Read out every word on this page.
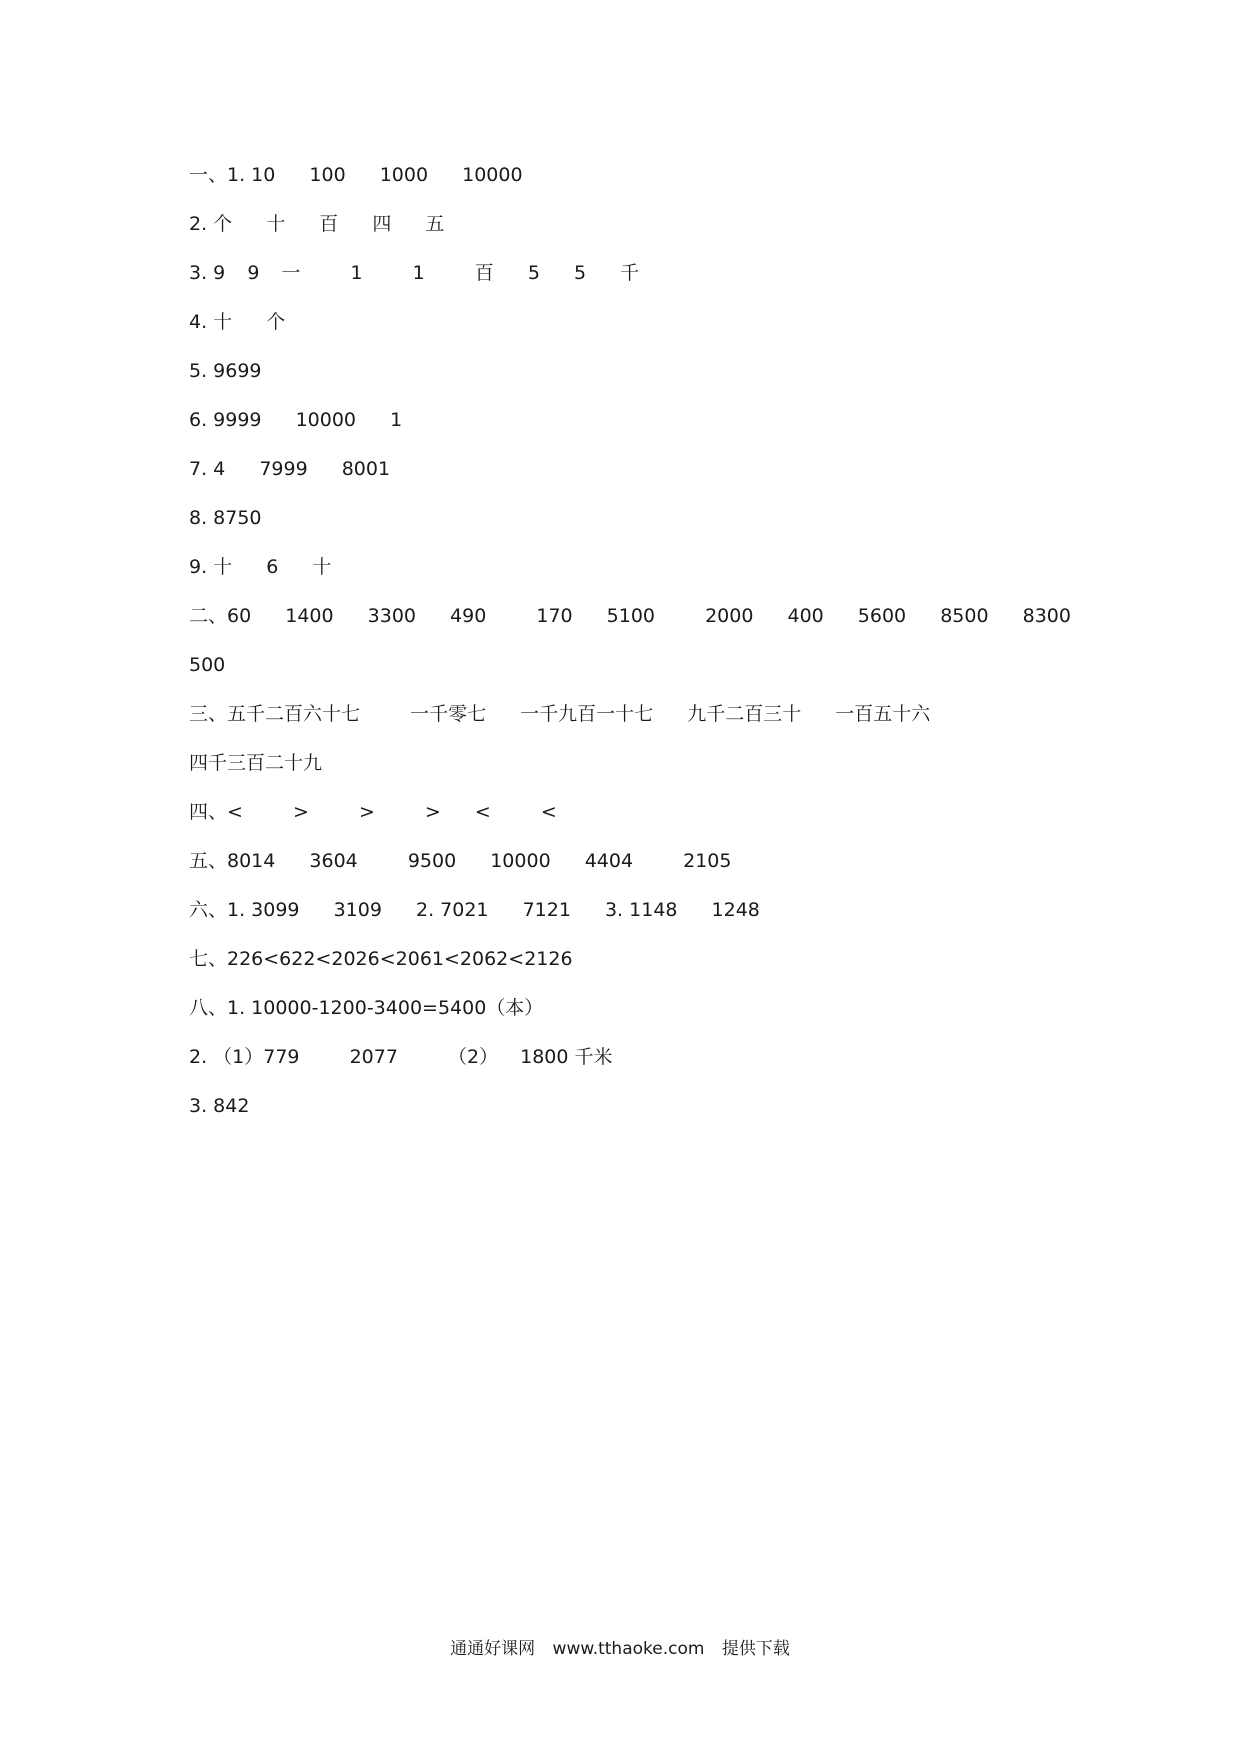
一、1. 10 100 1000 10000
2. 个 十 百 四 五
3. 9 9 一	1	1	百 5 5 千
4. 十 个
5. 9699
6. 9999 10000 1
7. 4 7999 8001
8. 8750
9. 十 6 十
二、60 1400 3300 490	170 5100	2000 400 5600 8500 8300
500
三、五千二百六十七	一千零七 一千九百一十七 九千二百三十 一百五十六
四千三百二十九
四、<	>	>	> <	<
五、8014 3604	9500 10000 4404	2105
六、1. 3099 3109 2. 7021 7121 3. 1148 1248
七、226<622<2026<2061<2062<2126
八、1. 10000-1200-3400=5400（本）
2. （1）779	2077	（2） 1800 千米
3. 842
通通好课网 www.tthaoke.com 提供下载
